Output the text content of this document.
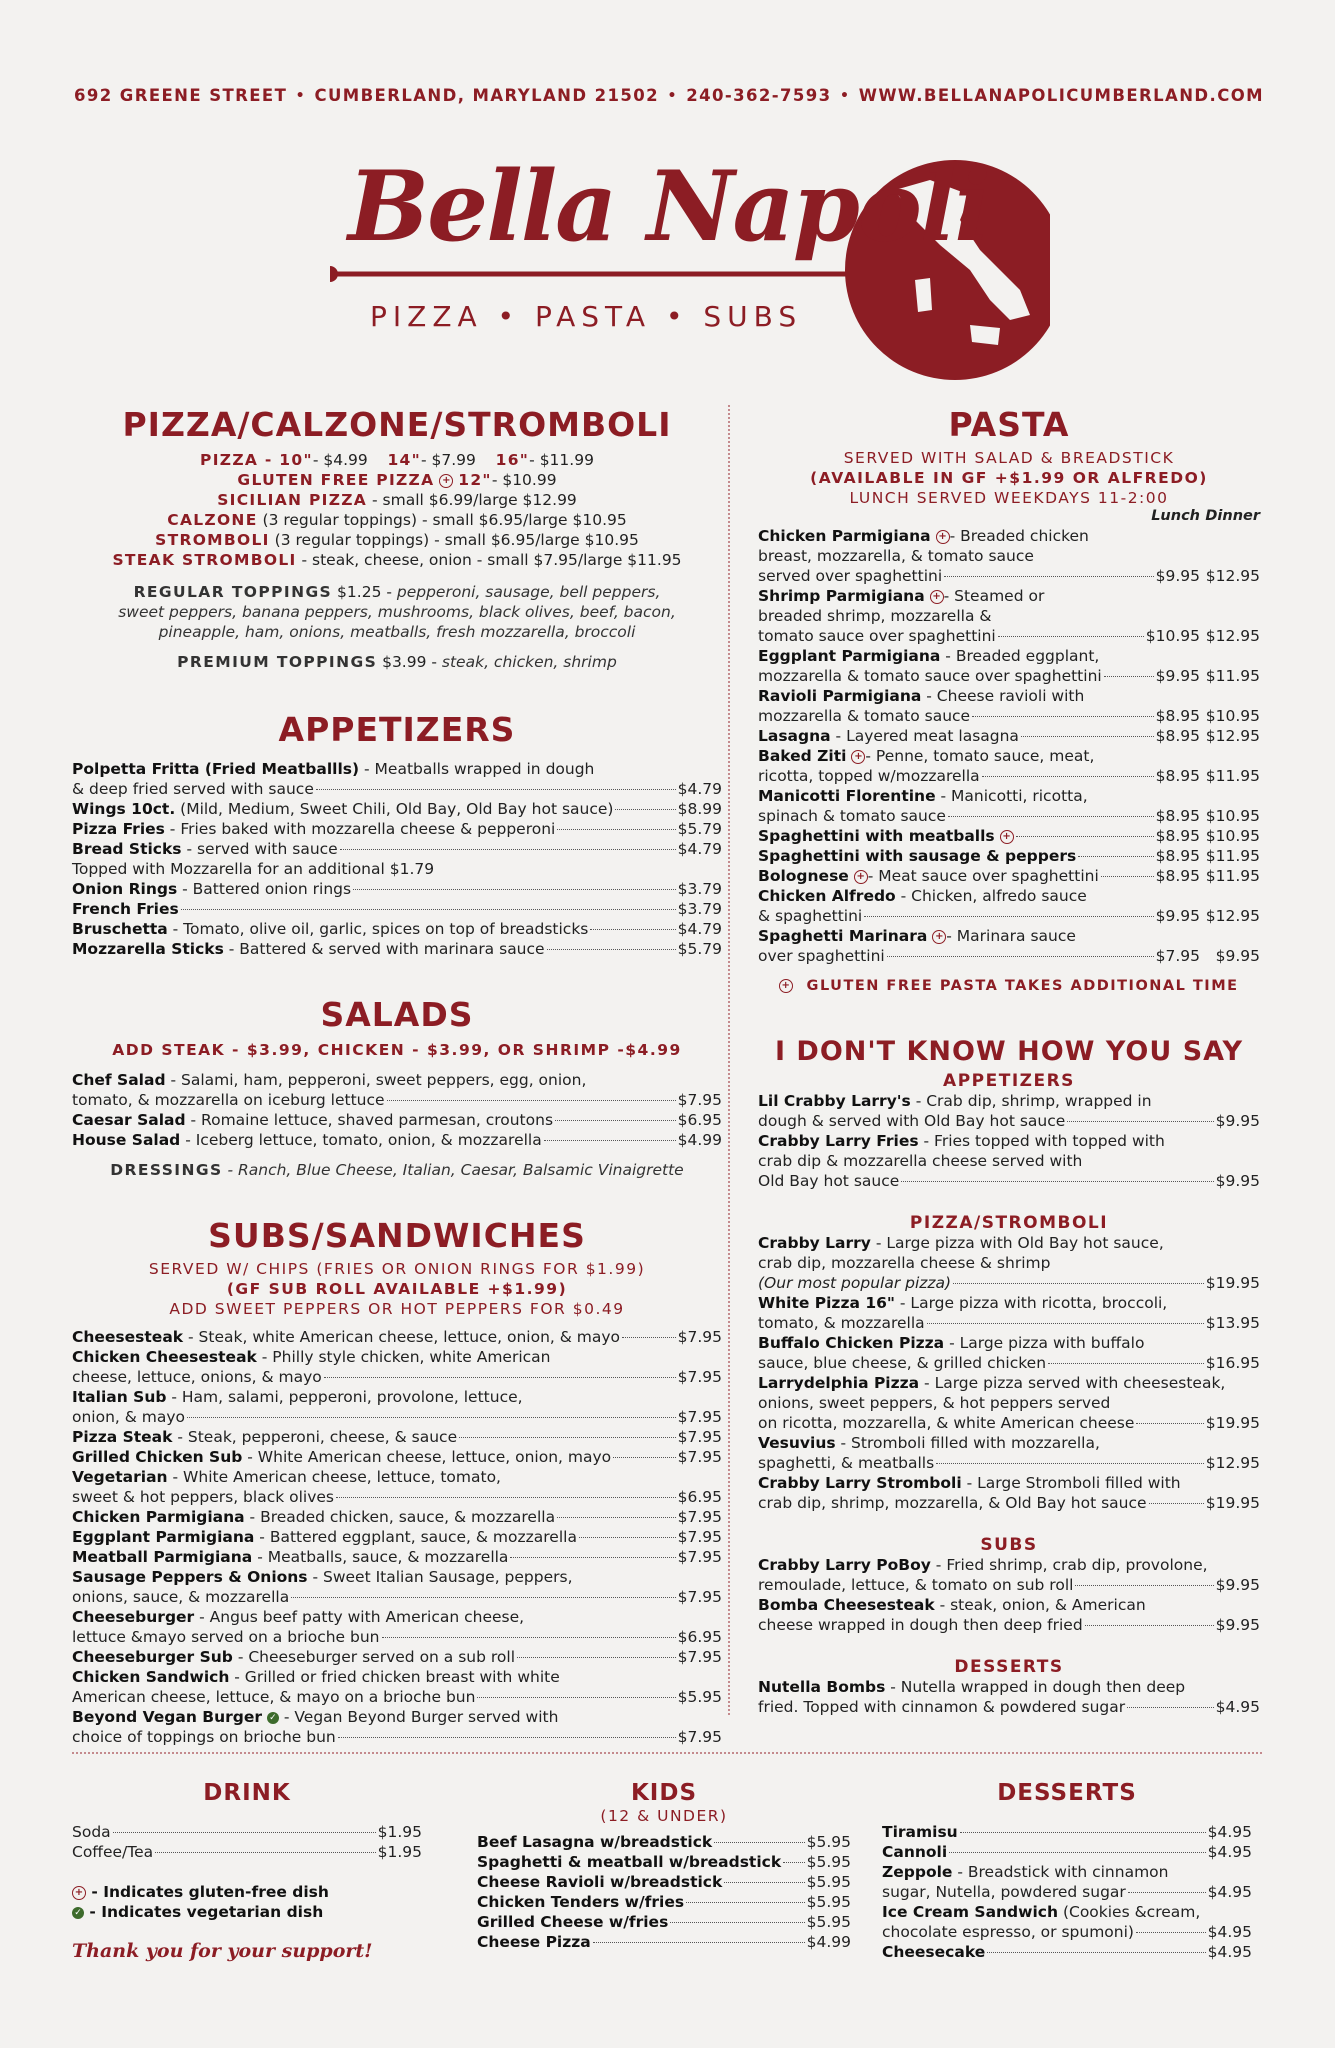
692 GREENE STREET • CUMBERLAND, MARYLAND 21502 • 240-362-7593 • WWW.BELLANAPOLICUMBERLAND.COM
Bella Napoli
PIZZA • PASTA • SUBS
PIZZA/CALZONE/STROMBOLI
PIZZA - 10"- $4.99 14"- $7.99 16"- $11.99
GLUTEN FREE PIZZA + 12"- $10.99
SICILIAN PIZZA - small $6.99/large $12.99
CALZONE (3 regular toppings) - small $6.95/large $10.95
STROMBOLI (3 regular toppings) - small $6.95/large $10.95
STEAK STROMBOLI - steak, cheese, onion - small $7.95/large $11.95
REGULAR TOPPINGS $1.25 - pepperoni, sausage, bell peppers,
sweet peppers, banana peppers, mushrooms, black olives, beef, bacon,
pineapple, ham, onions, meatballs, fresh mozzarella, broccoli
PREMIUM TOPPINGS $3.99 - steak, chicken, shrimp
APPETIZERS
Polpetta Fritta (Fried Meatballls) - Meatballs wrapped in dough
& deep fried served with sauce	$4.79
Wings 10ct. (Mild, Medium, Sweet Chili, Old Bay, Old Bay hot sauce)	$8.99
Pizza Fries - Fries baked with mozzarella cheese & pepperoni	$5.79
Bread Sticks - served with sauce	$4.79
Topped with Mozzarella for an additional $1.79
Onion Rings - Battered onion rings	$3.79
French Fries	$3.79
Bruschetta - Tomato, olive oil, garlic, spices on top of breadsticks	$4.79
Mozzarella Sticks - Battered & served with marinara sauce	$5.79
SALADS
ADD STEAK - $3.99, CHICKEN - $3.99, OR SHRIMP -$4.99
Chef Salad - Salami, ham, pepperoni, sweet peppers, egg, onion,
tomato, & mozzarella on iceburg lettuce	$7.95
Caesar Salad - Romaine lettuce, shaved parmesan, croutons	$6.95
House Salad - Iceberg lettuce, tomato, onion, & mozzarella	$4.99
DRESSINGS - Ranch, Blue Cheese, Italian, Caesar, Balsamic Vinaigrette
SUBS/SANDWICHES
SERVED W/ CHIPS (FRIES OR ONION RINGS FOR $1.99)
(GF SUB ROLL AVAILABLE +$1.99)
ADD SWEET PEPPERS OR HOT PEPPERS FOR $0.49
Cheesesteak - Steak, white American cheese, lettuce, onion, & mayo	$7.95
Chicken Cheesesteak - Philly style chicken, white American
cheese, lettuce, onions, & mayo	$7.95
Italian Sub - Ham, salami, pepperoni, provolone, lettuce,
onion, & mayo	$7.95
Pizza Steak - Steak, pepperoni, cheese, & sauce	$7.95
Grilled Chicken Sub - White American cheese, lettuce, onion, mayo	$7.95
Vegetarian - White American cheese, lettuce, tomato,
sweet & hot peppers, black olives	$6.95
Chicken Parmigiana - Breaded chicken, sauce, & mozzarella	$7.95
Eggplant Parmigiana - Battered eggplant, sauce, & mozzarella	$7.95
Meatball Parmigiana - Meatballs, sauce, & mozzarella	$7.95
Sausage Peppers & Onions - Sweet Italian Sausage, peppers,
onions, sauce, & mozzarella	$7.95
Cheeseburger - Angus beef patty with American cheese,
lettuce &mayo served on a brioche bun	$6.95
Cheeseburger Sub - Cheeseburger served on a sub roll	$7.95
Chicken Sandwich - Grilled or fried chicken breast with white
American cheese, lettuce, & mayo on a brioche bun	$5.95
Beyond Vegan Burger ✓ - Vegan Beyond Burger served with
choice of toppings on brioche bun	$7.95
PASTA
SERVED WITH SALAD & BREADSTICK
(AVAILABLE IN GF +$1.99 OR ALFREDO)
LUNCH SERVED WEEKDAYS 11-2:00
Lunch Dinner
Chicken Parmigiana + - Breaded chicken
breast, mozzarella, & tomato sauce
served over spaghettini	$9.95 $12.95
Shrimp Parmigiana + - Steamed or
breaded shrimp, mozzarella &
tomato sauce over spaghettini	$10.95 $12.95
Eggplant Parmigiana - Breaded eggplant,
mozzarella & tomato sauce over spaghettini	$9.95 $11.95
Ravioli Parmigiana - Cheese ravioli with
mozzarella & tomato sauce	$8.95 $10.95
Lasagna - Layered meat lasagna	$8.95 $12.95
Baked Ziti + - Penne, tomato sauce, meat,
ricotta, topped w/mozzarella	$8.95 $11.95
Manicotti Florentine - Manicotti, ricotta,
spinach & tomato sauce	$8.95 $10.95
Spaghettini with meatballs +	$8.95 $10.95
Spaghettini with sausage & peppers	$8.95 $11.95
Bolognese + - Meat sauce over spaghettini	$8.95 $11.95
Chicken Alfredo - Chicken, alfredo sauce
& spaghettini	$9.95 $12.95
Spaghetti Marinara + - Marinara sauce
over spaghettini	$7.95	$9.95
+ GLUTEN FREE PASTA TAKES ADDITIONAL TIME
I DON'T KNOW HOW YOU SAY
APPETIZERS
Lil Crabby Larry's - Crab dip, shrimp, wrapped in
dough & served with Old Bay hot sauce	$9.95
Crabby Larry Fries - Fries topped with topped with
crab dip & mozzarella cheese served with
Old Bay hot sauce	$9.95
PIZZA/STROMBOLI
Crabby Larry - Large pizza with Old Bay hot sauce,
crab dip, mozzarella cheese & shrimp
(Our most popular pizza)	$19.95
White Pizza 16" - Large pizza with ricotta, broccoli,
tomato, & mozzarella	$13.95
Buffalo Chicken Pizza - Large pizza with buffalo
sauce, blue cheese, & grilled chicken	$16.95
Larrydelphia Pizza - Large pizza served with cheesesteak,
onions, sweet peppers, & hot peppers served
on ricotta, mozzarella, & white American cheese	$19.95
Vesuvius - Stromboli filled with mozzarella,
spaghetti, & meatballs	$12.95
Crabby Larry Stromboli - Large Stromboli filled with
crab dip, shrimp, mozzarella, & Old Bay hot sauce	$19.95
SUBS
Crabby Larry PoBoy - Fried shrimp, crab dip, provolone,
remoulade, lettuce, & tomato on sub roll	$9.95
Bomba Cheesesteak - steak, onion, & American
cheese wrapped in dough then deep fried	$9.95
DESSERTS
Nutella Bombs - Nutella wrapped in dough then deep
fried. Topped with cinnamon & powdered sugar	$4.95
DRINK
Soda	$1.95
Coffee/Tea	$1.95
+ - Indicates gluten-free dish
✓ - Indicates vegetarian dish
Thank you for your support!
KIDS
(12 & UNDER)
Beef Lasagna w/breadstick	$5.95
Spaghetti & meatball w/breadstick $5.95
Cheese Ravioli w/breadstick	$5.95
Chicken Tenders w/fries	$5.95
Grilled Cheese w/fries	$5.95
Cheese Pizza	$4.99
DESSERTS
Tiramisu	$4.95
Cannoli	$4.95
Zeppole - Breadstick with cinnamon
sugar, Nutella, powdered sugar	$4.95
Ice Cream Sandwich (Cookies &cream,
chocolate espresso, or spumoni)	$4.95
Cheesecake	$4.95
